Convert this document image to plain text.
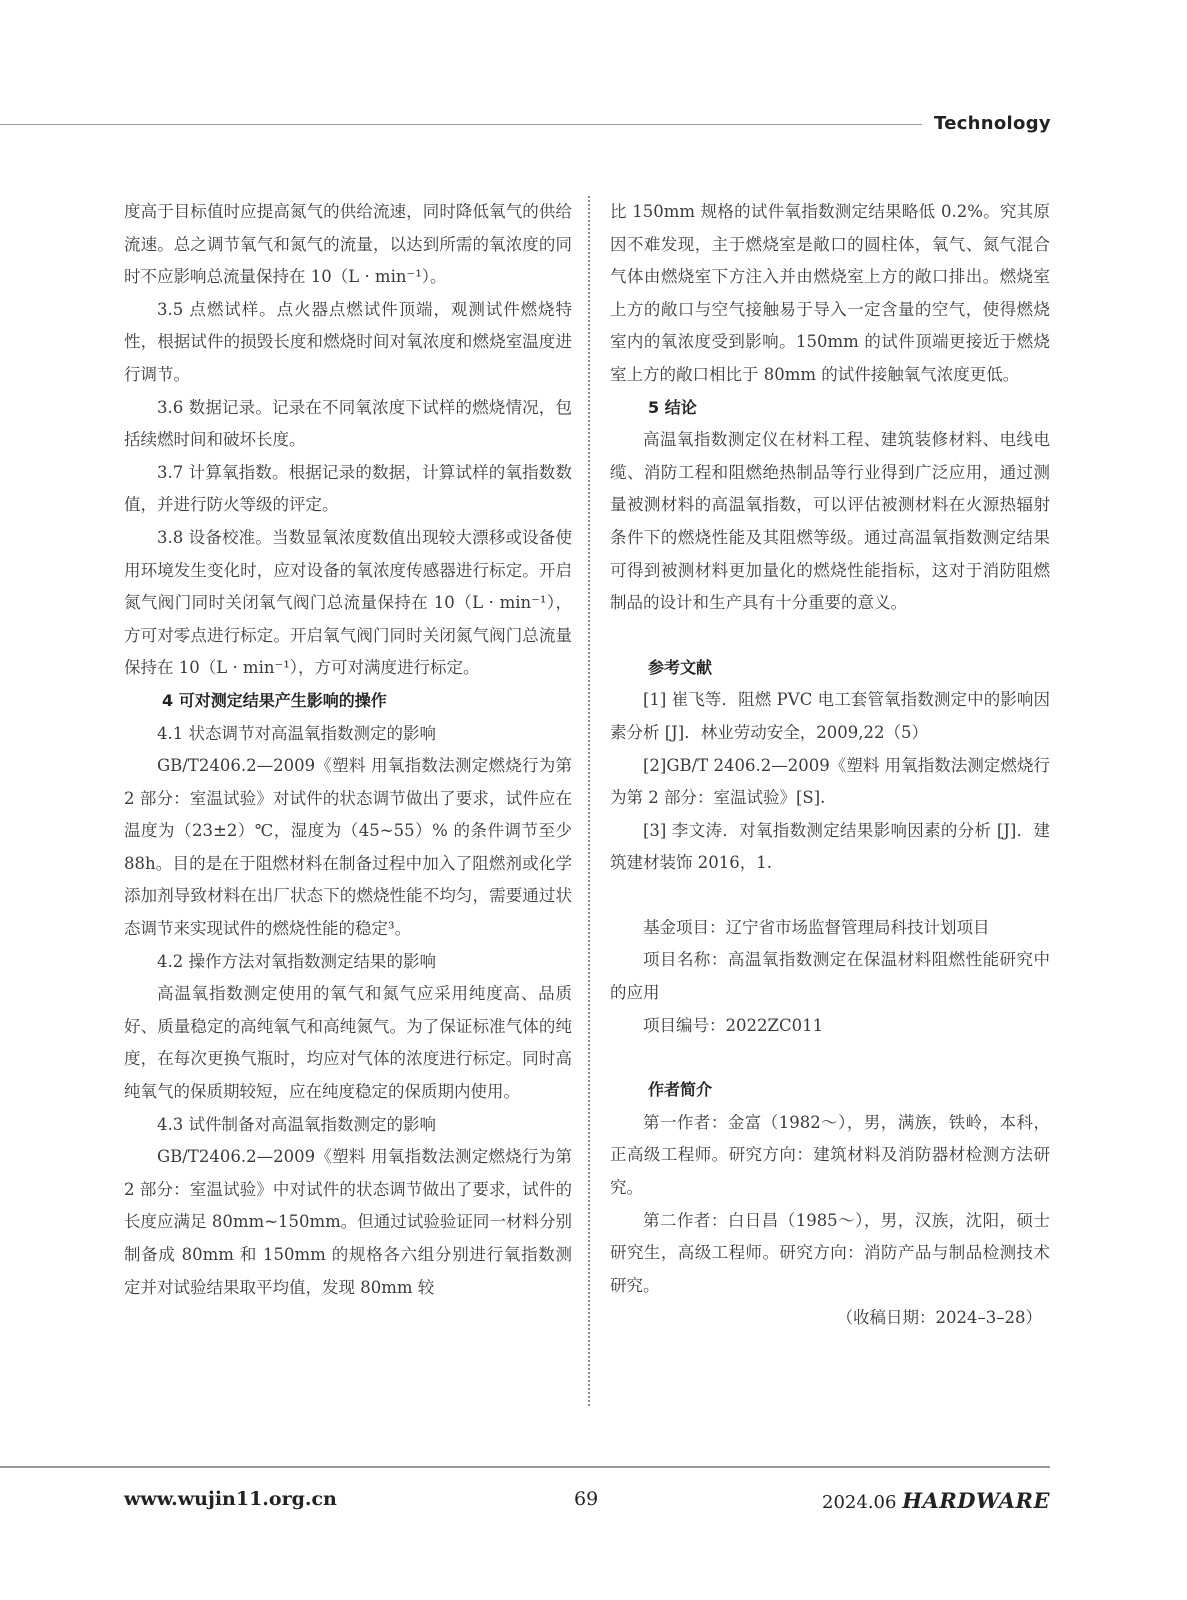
Technology

度高于目标值时应提高氮气的供给流速，同时降低氧气的供给流速。总之调节氧气和氮气的流量，以达到所需的氧浓度的同时不应影响总流量保持在 10（L · min⁻¹）。

3.5 点燃试样。点火器点燃试件顶端，观测试件燃烧特性，根据试件的损毁长度和燃烧时间对氧浓度和燃烧室温度进行调节。

3.6 数据记录。记录在不同氧浓度下试样的燃烧情况，包括续燃时间和破坏长度。

3.7 计算氧指数。根据记录的数据，计算试样的氧指数数值，并进行防火等级的评定。

3.8 设备校准。当数显氧浓度数值出现较大漂移或设备使用环境发生变化时，应对设备的氧浓度传感器进行标定。开启氮气阀门同时关闭氧气阀门总流量保持在 10（L · min⁻¹），方可对零点进行标定。开启氧气阀门同时关闭氮气阀门总流量保持在 10（L · min⁻¹），方可对满度进行标定。

4 可对测定结果产生影响的操作

4.1 状态调节对高温氧指数测定的影响

GB/T2406.2—2009《塑料 用氧指数法测定燃烧行为第 2 部分：室温试验》对试件的状态调节做出了要求，试件应在温度为（23±2）℃，湿度为（45~55）% 的条件调节至少 88h。目的是在于阻燃材料在制备过程中加入了阻燃剂或化学添加剂导致材料在出厂状态下的燃烧性能不均匀，需要通过状态调节来实现试件的燃烧性能的稳定³。

4.2 操作方法对氧指数测定结果的影响

高温氧指数测定使用的氧气和氮气应采用纯度高、品质好、质量稳定的高纯氧气和高纯氮气。为了保证标准气体的纯度，在每次更换气瓶时，均应对气体的浓度进行标定。同时高纯氧气的保质期较短，应在纯度稳定的保质期内使用。

4.3 试件制备对高温氧指数测定的影响

GB/T2406.2—2009《塑料 用氧指数法测定燃烧行为第 2 部分：室温试验》中对试件的状态调节做出了要求，试件的长度应满足 80mm~150mm。但通过试验验证同一材料分别制备成 80mm 和 150mm 的规格各六组分别进行氧指数测定并对试验结果取平均值，发现 80mm 较

比 150mm 规格的试件氧指数测定结果略低 0.2%。究其原因不难发现，主于燃烧室是敞口的圆柱体，氧气、氮气混合气体由燃烧室下方注入并由燃烧室上方的敞口排出。燃烧室上方的敞口与空气接触易于导入一定含量的空气，使得燃烧室内的氧浓度受到影响。150mm 的试件顶端更接近于燃烧室上方的敞口相比于 80mm 的试件接触氧气浓度更低。

5 结论

高温氧指数测定仪在材料工程、建筑装修材料、电线电缆、消防工程和阻燃绝热制品等行业得到广泛应用，通过测量被测材料的高温氧指数，可以评估被测材料在火源热辐射条件下的燃烧性能及其阻燃等级。通过高温氧指数测定结果可得到被测材料更加量化的燃烧性能指标，这对于消防阻燃制品的设计和生产具有十分重要的意义。

参考文献

[1] 崔飞等．阻燃 PVC 电工套管氧指数测定中的影响因素分析 [J]．林业劳动安全，2009,22（5）

[2]GB/T 2406.2—2009《塑料 用氧指数法测定燃烧行为第 2 部分：室温试验》[S].

[3] 李文涛．对氧指数测定结果影响因素的分析 [J]．建筑建材装饰 2016，1.

基金项目：辽宁省市场监督管理局科技计划项目

项目名称：高温氧指数测定在保温材料阻燃性能研究中的应用

项目编号：2022ZC011

作者简介

第一作者：金富（1982～），男，满族，铁岭，本科，正高级工程师。研究方向：建筑材料及消防器材检测方法研究。

第二作者：白日昌（1985～），男，汉族，沈阳，硕士研究生，高级工程师。研究方向：消防产品与制品检测技术研究。

（收稿日期：2024–3–28）

www.wujin11.org.cn	69	2024.06 HARDWARE
